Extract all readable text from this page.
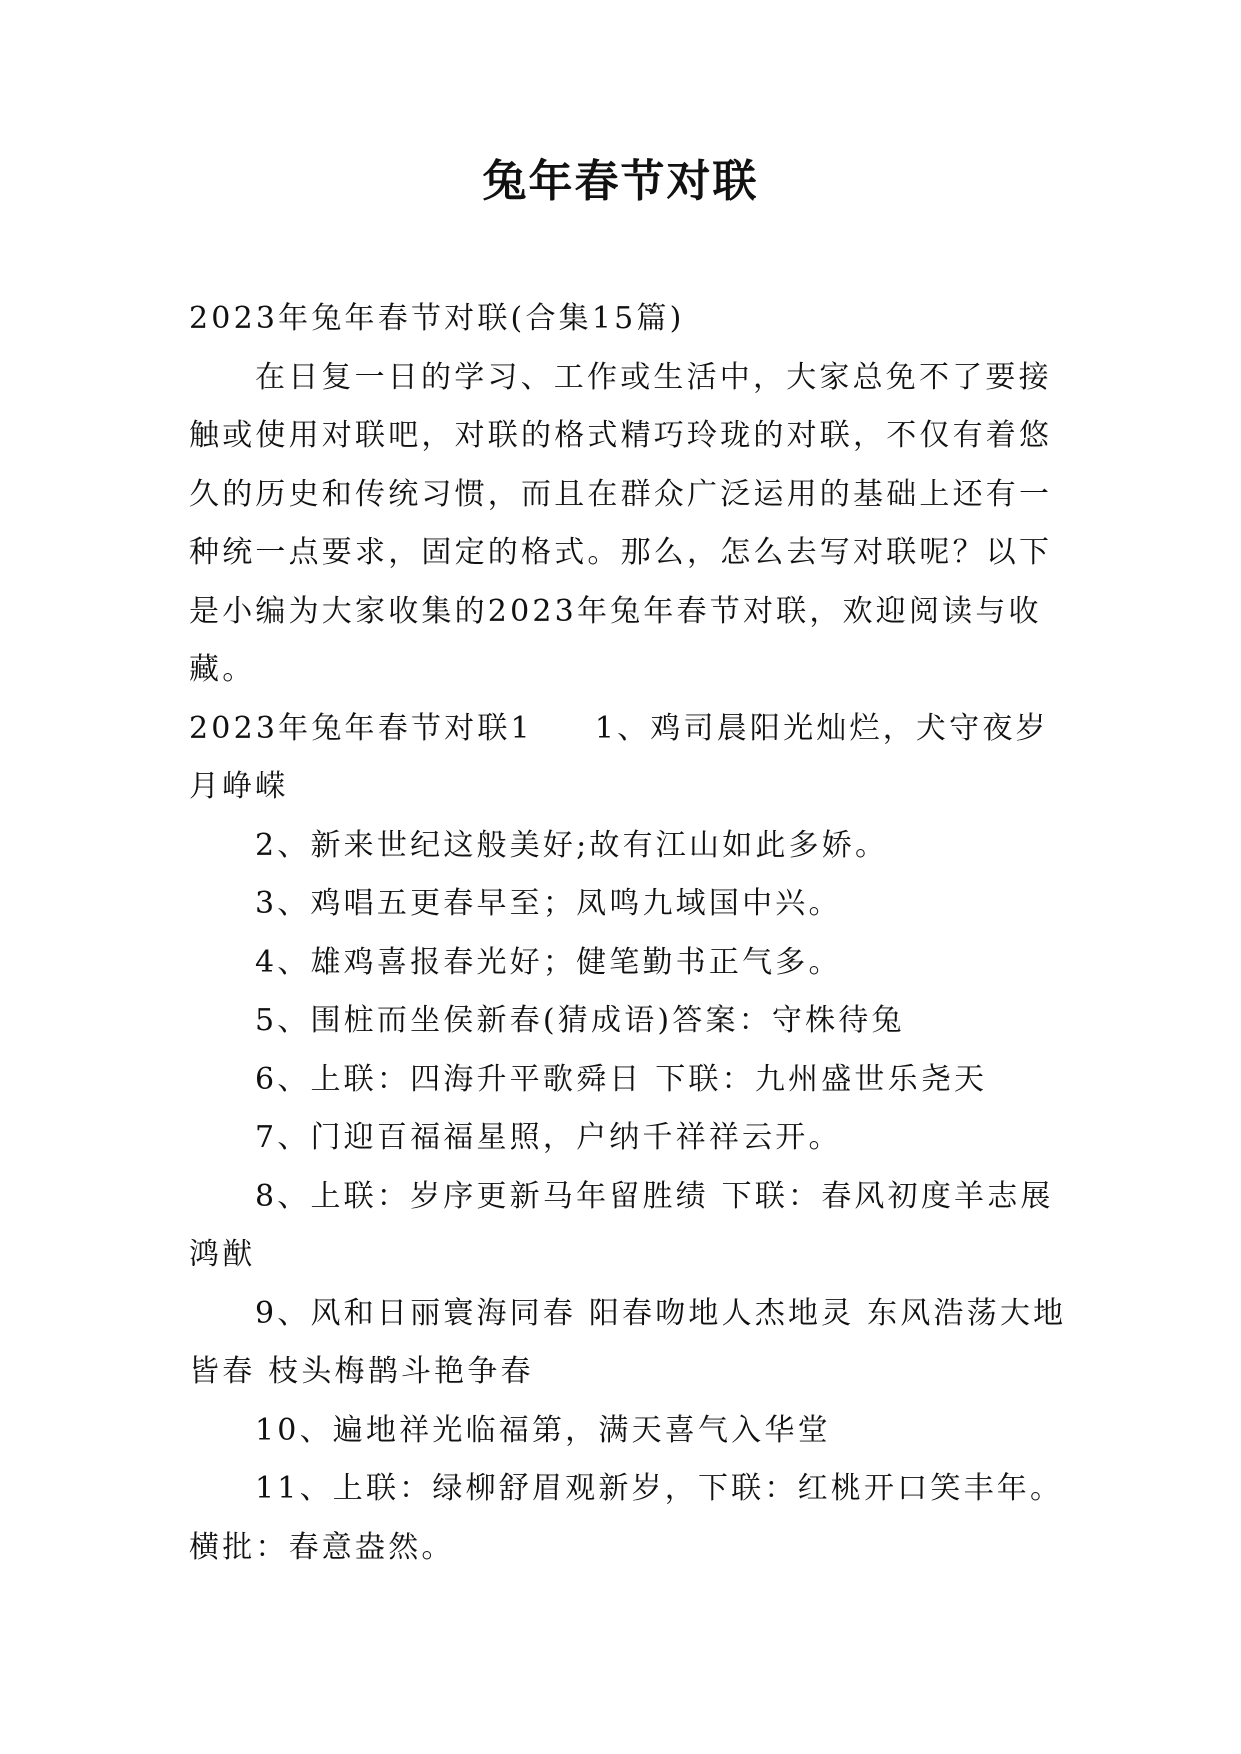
兔年春节对联

2023年兔年春节对联(合集15篇)

在日复一日的学习、工作或生活中，大家总免不了要接触或使用对联吧，对联的格式精巧玲珑的对联，不仅有着悠久的历史和传统习惯，而且在群众广泛运用的基础上还有一种统一点要求，固定的格式。那么，怎么去写对联呢？以下是小编为大家收集的2023年兔年春节对联，欢迎阅读与收藏。

2023年兔年春节对联1 1、鸡司晨阳光灿烂，犬守夜岁月峥嵘

2、新来世纪这般美好;故有江山如此多娇。

3、鸡唱五更春早至；凤鸣九域国中兴。

4、雄鸡喜报春光好；健笔勤书正气多。

5、围桩而坐侯新春(猜成语)答案：守株待兔

6、上联：四海升平歌舜日 下联：九州盛世乐尧天

7、门迎百福福星照，户纳千祥祥云开。

8、上联：岁序更新马年留胜绩 下联：春风初度羊志展鸿猷

9、风和日丽寰海同春 阳春吻地人杰地灵 东风浩荡大地皆春 枝头梅鹊斗艳争春

10、遍地祥光临福第，满天喜气入华堂

11、上联：绿柳舒眉观新岁，下联：红桃开口笑丰年。横批：春意盎然。
